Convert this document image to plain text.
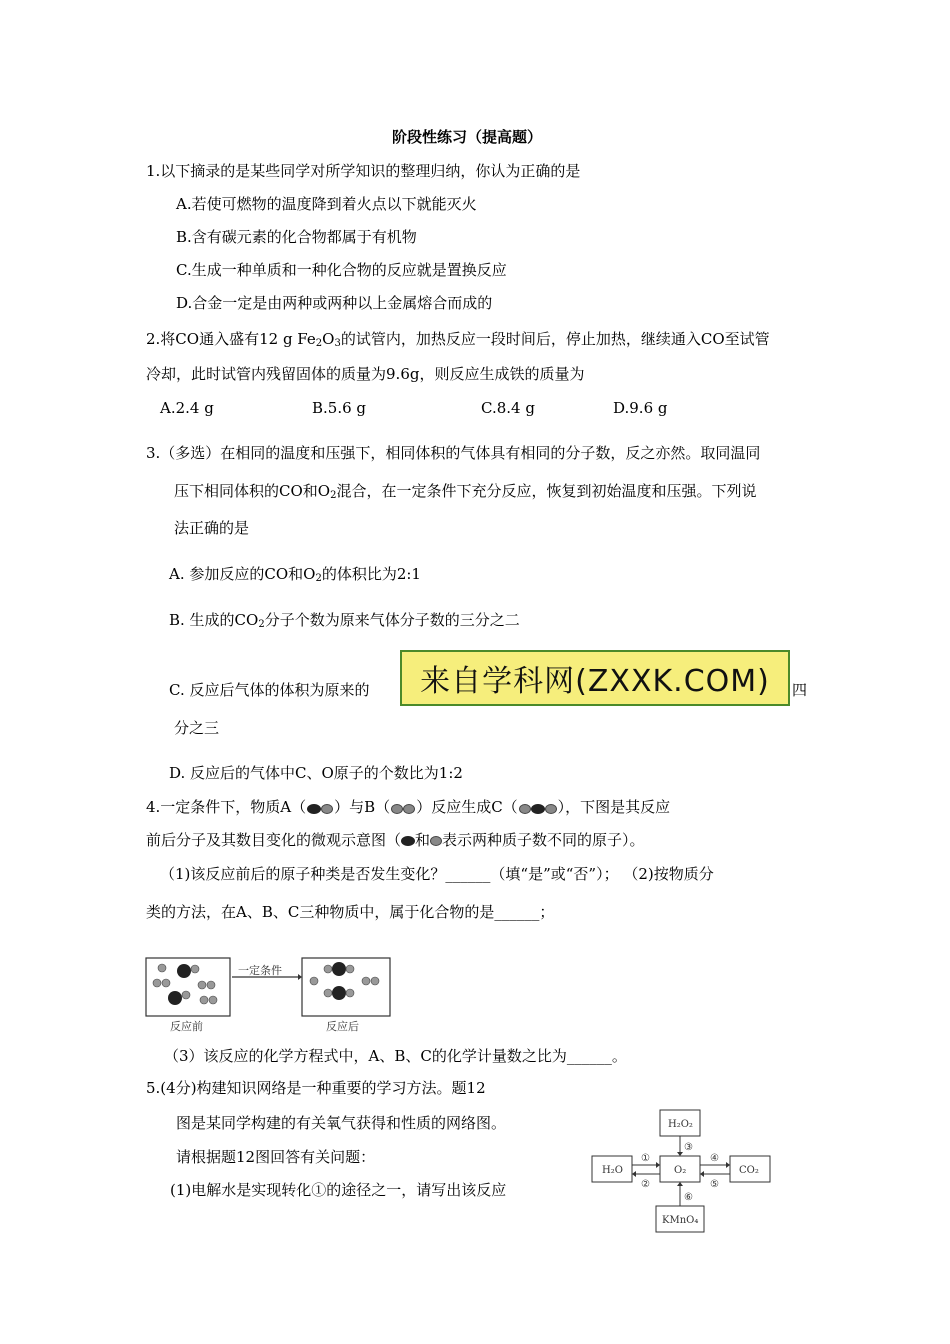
阶段性练习（提高题）
1.以下摘录的是某些同学对所学知识的整理归纳，你认为正确的是
A.若使可燃物的温度降到着火点以下就能灭火
B.含有碳元素的化合物都属于有机物
C.生成一种单质和一种化合物的反应就是置换反应
D.合金一定是由两种或两种以上金属熔合而成的
2.将CO通入盛有12 g $Fe_2O_3$的试管内，加热反应一段时间后，停止加热，继续通入CO至试管
冷却，此时试管内残留固体的质量为9.6g，则反应生成铁的质量为
A.2.4 g	B.5.6 g	C.8.4 g	D.9.6 g
3.（多选）在相同的温度和压强下，相同体积的气体具有相同的分子数，反之亦然。取同温同
压下相同体积的CO和$O_2$混合，在一定条件下充分反应，恢复到初始温度和压强。下列说
法正确的是
A. 参加反应的CO和$O_2$的体积比为2:1
B. 生成的$CO_2$分子个数为原来气体分子数的三分之二
C. 反应后气体的体积为原来的 来自学科网(ZXXK.COM) 四
分之三
D. 反应后的气体中C、O原子的个数比为1:2
4.一定条件下，物质A（ ）与B（ ）反应生成C（	），下图是其反应
前后分子及其数目变化的微观示意图（ 和 表示两种质子数不同的原子）。
（1)该反应前后的原子种类是否发生变化？______（填“是”或“否”）； （2)按物质分
类的方法，在A、B、C三种物质中，属于化合物的是______；
一定条件
反应前	反应后
（3）该反应的化学方程式中，A、B、C的化学计量数之比为______。
5.(4分)构建知识网络是一种重要的学习方法。题12
图是某同学构建的有关氧气获得和性质的网络图。
请根据题12图回答有关问题：
(1)电解水是实现转化①的途径之一，请写出该反应
H₂O₂
H₂O	O₂	CO₂
KMnO₄
①
②
③
④
⑤
⑥
